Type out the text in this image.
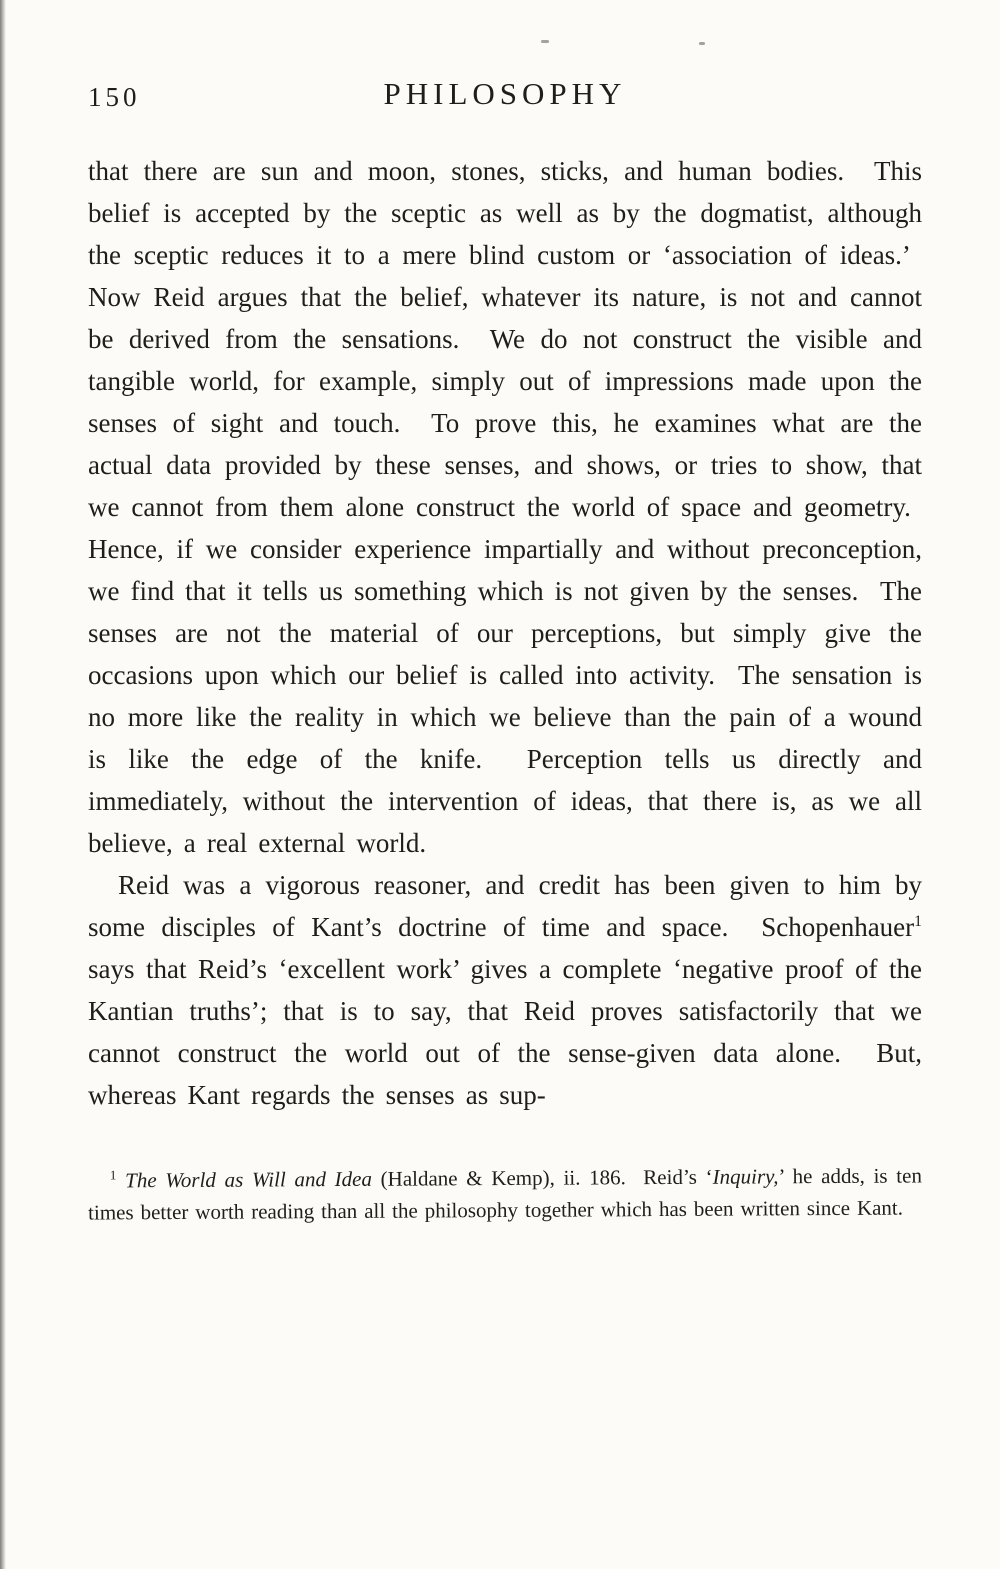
150	PHILOSOPHY

that there are sun and moon, stones, sticks, and human bodies.  This belief is accepted by the sceptic as well as by the dogmatist, although the sceptic reduces it to a mere blind custom or ‘association of ideas.’  Now Reid argues that the belief, whatever its nature, is not and cannot be derived from the sensations.  We do not construct the visible and tangible world, for example, simply out of impressions made upon the senses of sight and touch.  To prove this, he examines what are the actual data provided by these senses, and shows, or tries to show, that we cannot from them alone construct the world of space and geometry.  Hence, if we consider experience impartially and without preconception, we find that it tells us something which is not given by the senses.  The senses are not the material of our perceptions, but simply give the occasions upon which our belief is called into activity.  The sensation is no more like the reality in which we believe than the pain of a wound is like the edge of the knife.  Perception tells us directly and immediately, without the intervention of ideas, that there is, as we all believe, a real external world.

Reid was a vigorous reasoner, and credit has been given to him by some disciples of Kant’s doctrine of time and space.  Schopenhauer$^1$ says that Reid’s ‘excellent work’ gives a complete ‘negative proof of the Kantian truths’; that is to say, that Reid proves satisfactorily that we cannot construct the world out of the sense-given data alone.  But, whereas Kant regards the senses as sup-

$^1$ The World as Will and Idea (Haldane & Kemp), ii. 186.  Reid’s ‘Inquiry,’ he adds, is ten times better worth reading than all the philosophy together which has been written since Kant.
